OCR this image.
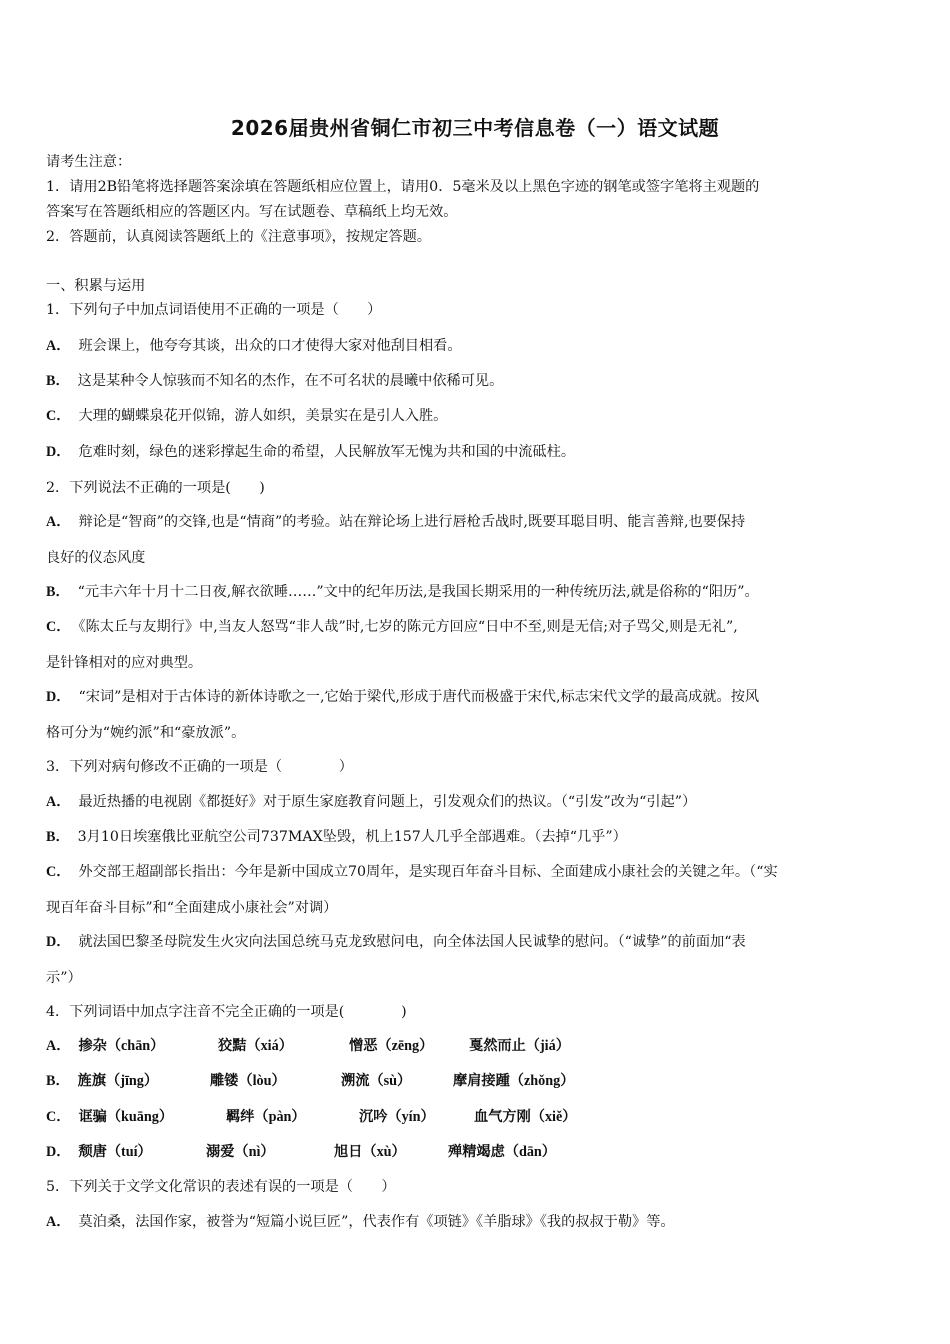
2026届贵州省铜仁市初三中考信息卷（一）语文试题
请考生注意：
1．请用2B铅笔将选择题答案涂填在答题纸相应位置上，请用0．5毫米及以上黑色字迹的钢笔或签字笔将主观题的
答案写在答题纸相应的答题区内。写在试题卷、草稿纸上均无效。
2．答题前，认真阅读答题纸上的《注意事项》，按规定答题。
一、积累与运用
1．下列句子中加点词语使用不正确的一项是（　　）
A． 班会课上，他夸夸其谈，出众的口才使得大家对他刮目相看。
B． 这是某种令人惊骇而不知名的杰作，在不可名状的晨曦中依稀可见。
C． 大理的蝴蝶泉花开似锦，游人如织，美景实在是引人入胜。
D． 危难时刻，绿色的迷彩撑起生命的希望，人民解放军无愧为共和国的中流砥柱。
2．下列说法不正确的一项是(　　)
A． 辩论是“智商”的交锋,也是“情商”的考验。站在辩论场上进行唇枪舌战时,既要耳聪目明、能言善辩,也要保持
良好的仪态风度
B． “元丰六年十月十二日夜,解衣欲睡……”文中的纪年历法,是我国长期采用的一种传统历法,就是俗称的“阳历”。
C． 《陈太丘与友期行》中,当友人怒骂“非人哉”时,七岁的陈元方回应“日中不至,则是无信;对子骂父,则是无礼”,
是针锋相对的应对典型。
D． “宋词”是相对于古体诗的新体诗歌之一,它始于梁代,形成于唐代而极盛于宋代,标志宋代文学的最高成就。按风
格可分为“婉约派”和“豪放派”。
3．下列对病句修改不正确的一项是（　　　　）
A． 最近热播的电视剧《都挺好》对于原生家庭教育问题上，引发观众们的热议。（“引发”改为“引起”）
B． 3月10日埃塞俄比亚航空公司737MAX坠毁，机上157人几乎全部遇难。（去掉“几乎”）
C． 外交部王超副部长指出：今年是新中国成立70周年，是实现百年奋斗目标、全面建成小康社会的关键之年。（“实
现百年奋斗目标”和“全面建成小康社会”对调）
D． 就法国巴黎圣母院发生火灾向法国总统马克龙致慰问电，向全体法国人民诚挚的慰问。（“诚挚”的前面加“表
示”）
4．下列词语中加点字注音不完全正确的一项是(　　　　)
A． 掺杂（chān）	狡黠（xiá）	憎恶（zēng）	戛然而止（jiá）
B． 旌旗（jīng）	雕镂（lòu）	溯流（sù）	摩肩接踵（zhǒng）
C． 诓骗（kuāng）	羁绊（pàn）	沉吟（yín）	血气方刚（xiě）
D． 颓唐（tuí）	溺爱（nì）	旭日（xù）	殚精竭虑（dān）
5．下列关于文学文化常识的表述有误的一项是（　　）
A． 莫泊桑，法国作家，被誉为“短篇小说巨匠”，代表作有《项链》《羊脂球》《我的叔叔于勒》等。
